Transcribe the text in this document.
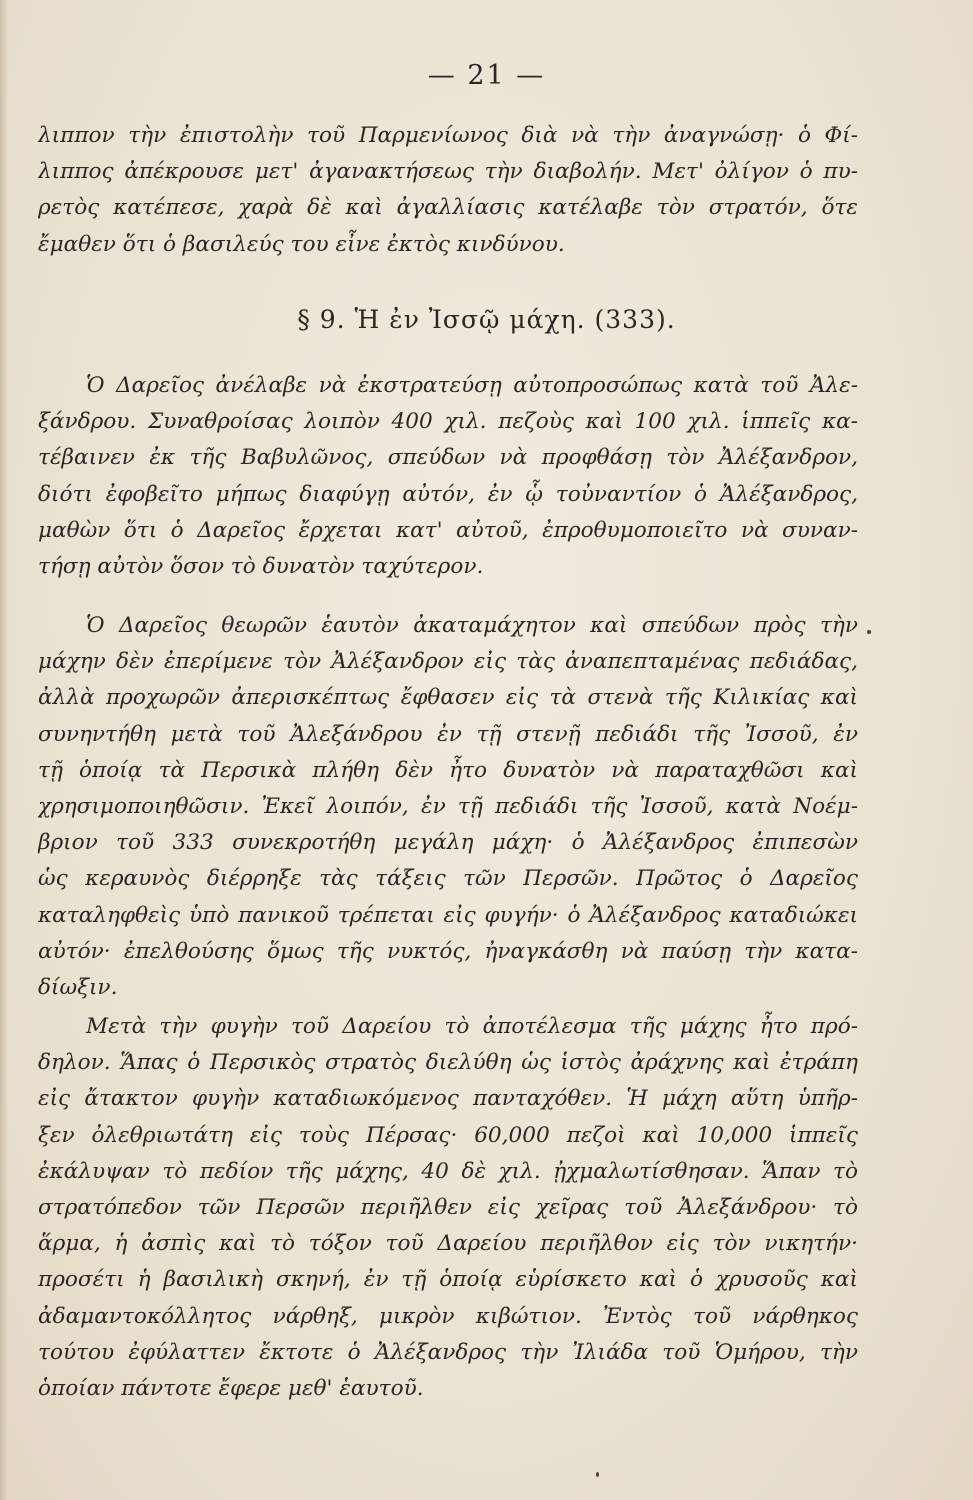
— 21 —
λιππον τὴν ἐπιστολὴν τοῦ Παρμενίωνος διὰ νὰ τὴν ἀναγνώσῃ· ὁ Φί-
λιππος ἀπέκρουσε μετ' ἀγανακτήσεως τὴν διαβολήν. Μετ' ὀλίγον ὁ πυ-
ρετὸς κατέπεσε, χαρὰ δὲ καὶ ἀγαλλίασις κατέλαβε τὸν στρατόν, ὅτε
ἔμαθεν ὅτι ὁ βασιλεύς του εἶνε ἐκτὸς κινδύνου.
§ 9. Ἡ ἐν Ἰσσῷ μάχη. (333).
Ὁ Δαρεῖος ἀνέλαβε νὰ ἐκστρατεύσῃ αὐτοπροσώπως κατὰ τοῦ Ἀλε-
ξάνδρου. Συναθροίσας λοιπὸν 400 χιλ. πεζοὺς καὶ 100 χιλ. ἱππεῖς κα-
τέβαινεν ἐκ τῆς Βαβυλῶνος, σπεύδων νὰ προφθάσῃ τὸν Ἀλέξανδρον,
διότι ἐφοβεῖτο μήπως διαφύγῃ αὐτόν, ἐν ᾧ τοὐναντίον ὁ Ἀλέξανδρος,
μαθὼν ὅτι ὁ Δαρεῖος ἔρχεται κατ' αὐτοῦ, ἐπροθυμοποιεῖτο νὰ συναν-
τήσῃ αὐτὸν ὅσον τὸ δυνατὸν ταχύτερον.
Ὁ Δαρεῖος θεωρῶν ἑαυτὸν ἀκαταμάχητον καὶ σπεύδων πρὸς τὴν
μάχην δὲν ἐπερίμενε τὸν Ἀλέξανδρον εἰς τὰς ἀναπεπταμένας πεδιάδας,
ἀλλὰ προχωρῶν ἀπερισκέπτως ἔφθασεν εἰς τὰ στενὰ τῆς Κιλικίας καὶ
συνηντήθη μετὰ τοῦ Ἀλεξάνδρου ἐν τῇ στενῇ πεδιάδι τῆς Ἰσσοῦ, ἐν
τῇ ὁποίᾳ τὰ Περσικὰ πλήθη δὲν ἦτο δυνατὸν νὰ παραταχθῶσι καὶ
χρησιμοποιηθῶσιν. Ἐκεῖ λοιπόν, ἐν τῇ πεδιάδι τῆς Ἰσσοῦ, κατὰ Νοέμ-
βριον τοῦ 333 συνεκροτήθη μεγάλη μάχη· ὁ Ἀλέξανδρος ἐπιπεσὼν
ὡς κεραυνὸς διέρρηξε τὰς τάξεις τῶν Περσῶν. Πρῶτος ὁ Δαρεῖος
καταληφθεὶς ὑπὸ πανικοῦ τρέπεται εἰς φυγήν· ὁ Ἀλέξανδρος καταδιώκει
αὐτόν· ἐπελθούσης ὅμως τῆς νυκτός, ἠναγκάσθη νὰ παύσῃ τὴν κατα-
δίωξιν.
Μετὰ τὴν φυγὴν τοῦ Δαρείου τὸ ἀποτέλεσμα τῆς μάχης ἦτο πρό-
δηλον. Ἅπας ὁ Περσικὸς στρατὸς διελύθη ὡς ἱστὸς ἀράχνης καὶ ἐτράπη
εἰς ἄτακτον φυγὴν καταδιωκόμενος πανταχόθεν. Ἡ μάχη αὕτη ὑπῆρ-
ξεν ὀλεθριωτάτη εἰς τοὺς Πέρσας· 60,000 πεζοὶ καὶ 10,000 ἱππεῖς
ἐκάλυψαν τὸ πεδίον τῆς μάχης, 40 δὲ χιλ. ᾐχμαλωτίσθησαν. Ἅπαν τὸ
στρατόπεδον τῶν Περσῶν περιῆλθεν εἰς χεῖρας τοῦ Ἀλεξάνδρου· τὸ
ἅρμα, ἡ ἀσπὶς καὶ τὸ τόξον τοῦ Δαρείου περιῆλθον εἰς τὸν νικητήν·
προσέτι ἡ βασιλικὴ σκηνή, ἐν τῇ ὁποίᾳ εὑρίσκετο καὶ ὁ χρυσοῦς καὶ
ἀδαμαντοκόλλητος νάρθηξ, μικρὸν κιβώτιον. Ἐντὸς τοῦ νάρθηκος
τούτου ἐφύλαττεν ἔκτοτε ὁ Ἀλέξανδρος τὴν Ἰλιάδα τοῦ Ὁμήρου, τὴν
ὁποίαν πάντοτε ἔφερε μεθ' ἑαυτοῦ.
